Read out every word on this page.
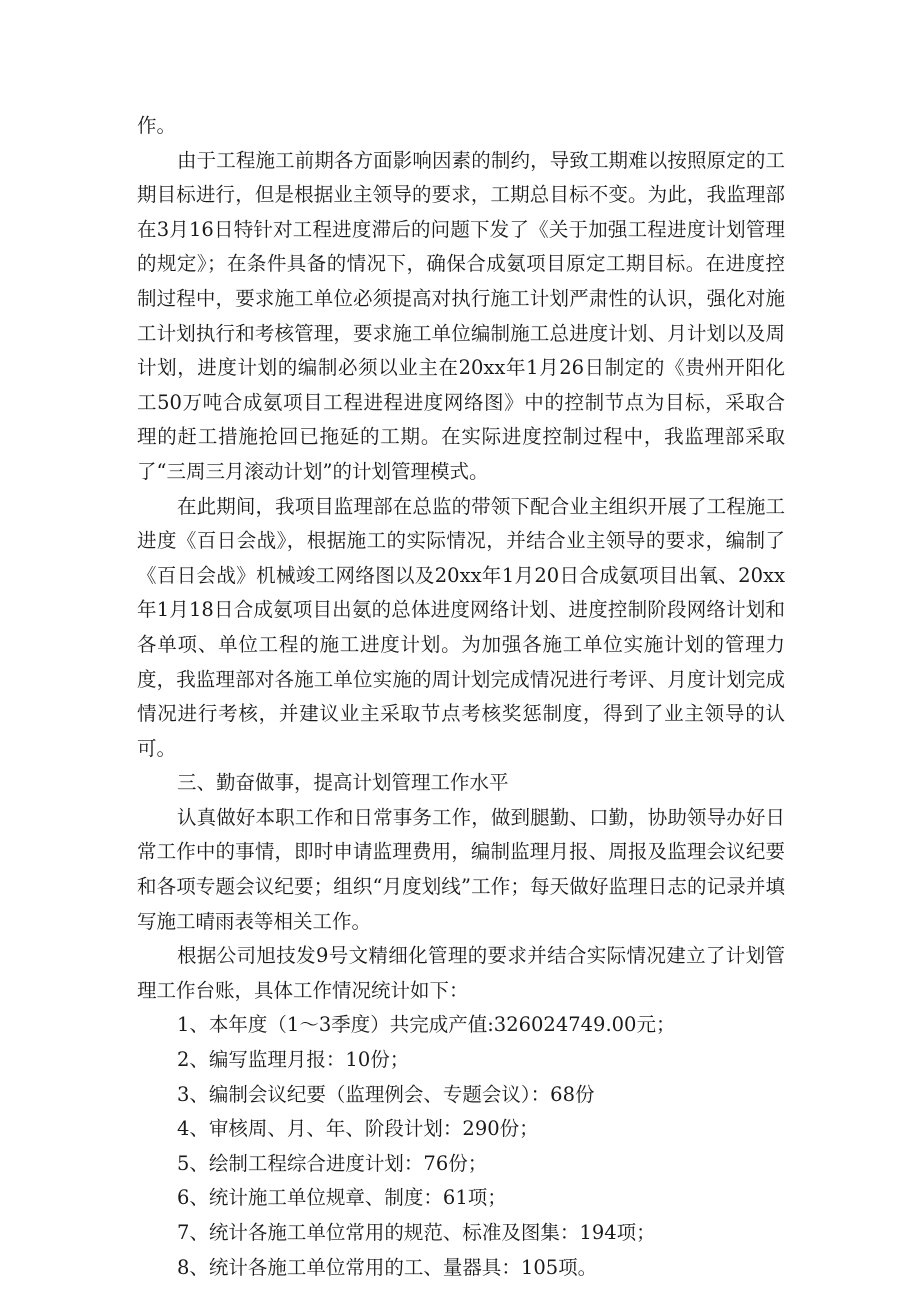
作。

由于工程施工前期各方面影响因素的制约，导致工期难以按照原定的工期目标进行，但是根据业主领导的要求，工期总目标不变。为此，我监理部在3月16日特针对工程进度滞后的问题下发了《关于加强工程进度计划管理的规定》；在条件具备的情况下，确保合成氨项目原定工期目标。在进度控制过程中，要求施工单位必须提高对执行施工计划严肃性的认识，强化对施工计划执行和考核管理，要求施工单位编制施工总进度计划、月计划以及周计划，进度计划的编制必须以业主在20xx年1月26日制定的《贵州开阳化工50万吨合成氨项目工程进程进度网络图》中的控制节点为目标，采取合理的赶工措施抢回已拖延的工期。在实际进度控制过程中，我监理部采取了“三周三月滚动计划”的计划管理模式。

在此期间，我项目监理部在总监的带领下配合业主组织开展了工程施工进度《百日会战》，根据施工的实际情况，并结合业主领导的要求，编制了《百日会战》机械竣工网络图以及20xx年1月20日合成氨项目出氧、20xx年1月18日合成氨项目出氨的总体进度网络计划、进度控制阶段网络计划和各单项、单位工程的施工进度计划。为加强各施工单位实施计划的管理力度，我监理部对各施工单位实施的周计划完成情况进行考评、月度计划完成情况进行考核，并建议业主采取节点考核奖惩制度，得到了业主领导的认可。

三、勤奋做事，提高计划管理工作水平

认真做好本职工作和日常事务工作，做到腿勤、口勤，协助领导办好日常工作中的事情，即时申请监理费用，编制监理月报、周报及监理会议纪要和各项专题会议纪要；组织“月度划线”工作；每天做好监理日志的记录并填写施工晴雨表等相关工作。

根据公司旭技发9号文精细化管理的要求并结合实际情况建立了计划管理工作台账，具体工作情况统计如下：

1、本年度（1～3季度）共完成产值:326024749.00元；

2、编写监理月报：10份；

3、编制会议纪要（监理例会、专题会议）：68份

4、审核周、月、年、阶段计划：290份；

5、绘制工程综合进度计划：76份；

6、统计施工单位规章、制度：61项；

7、统计各施工单位常用的规范、标准及图集：194项；

8、统计各施工单位常用的工、量器具：105项。
